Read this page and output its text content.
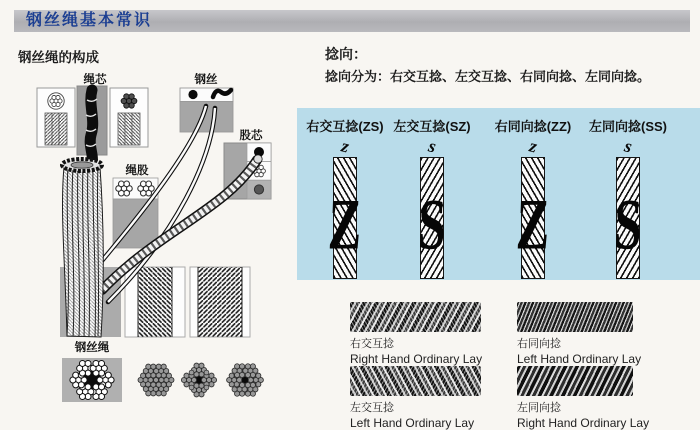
钢丝绳基本常识
钢丝绳的构成	捻向：
捻向分为：右交互捻、左交互捻、右同向捻、左同向捻。
绳芯	钢丝
股芯
绳股
钢丝绳
右交互捻(ZS)
z
Z
左交互捻(SZ)
s
S
右同向捻(ZZ)
z
Z
左同向捻(SS)
s
S
右交互捻
Right Hand Ordinary Lay
右同向捻
Left Hand Ordinary Lay
左交互捻
Left Hand Ordinary Lay
左同向捻
Right Hand Ordinary Lay
